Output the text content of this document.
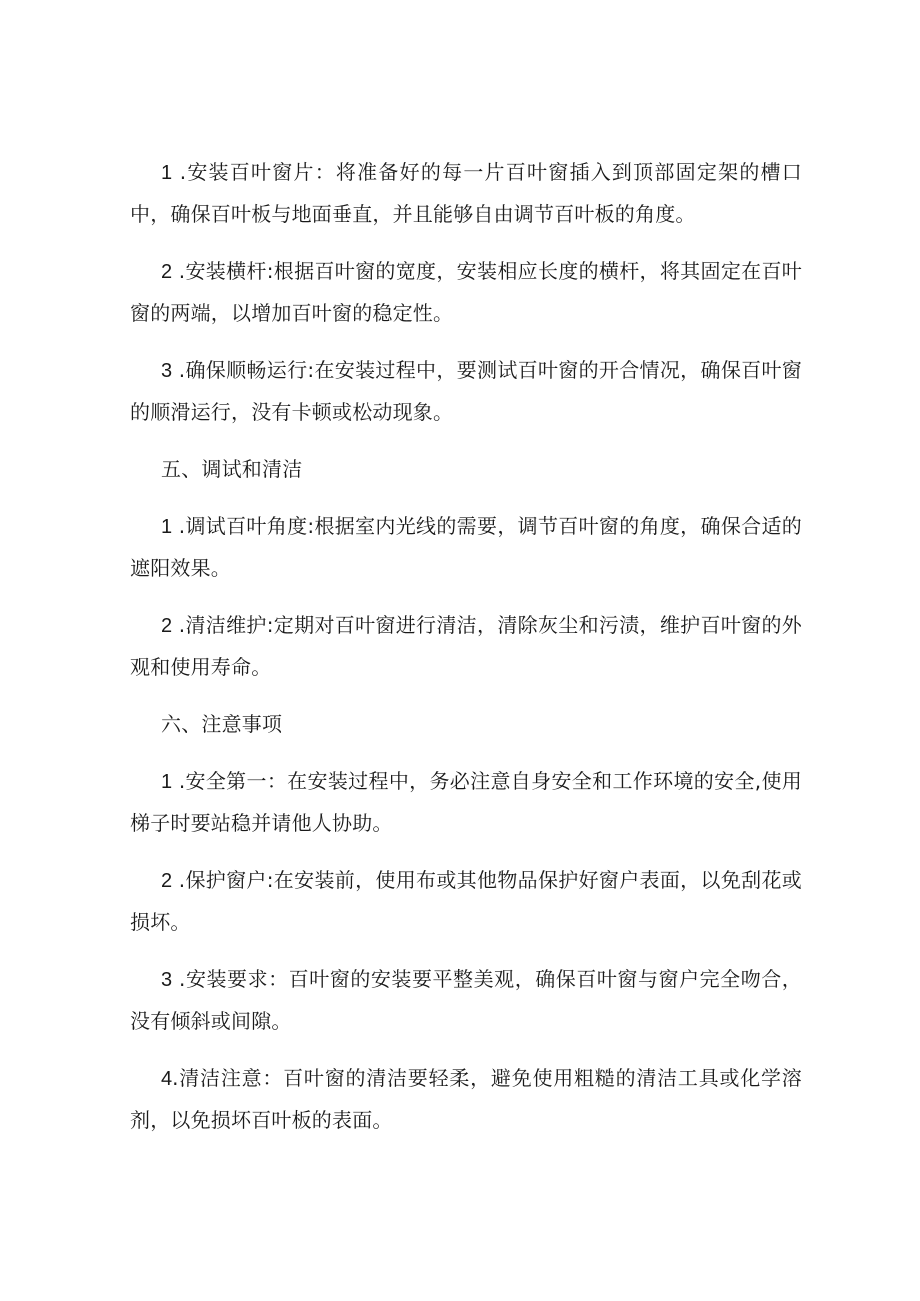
1 .安装百叶窗片：将准备好的每一片百叶窗插入到顶部固定架的槽口中，确保百叶板与地面垂直，并且能够自由调节百叶板的角度。

2 .安装横杆:根据百叶窗的宽度，安装相应长度的横杆，将其固定在百叶窗的两端，以增加百叶窗的稳定性。

3 .确保顺畅运行:在安装过程中，要测试百叶窗的开合情况，确保百叶窗的顺滑运行，没有卡顿或松动现象。

五、调试和清洁

1 .调试百叶角度:根据室内光线的需要，调节百叶窗的角度，确保合适的遮阳效果。

2 .清洁维护:定期对百叶窗进行清洁，清除灰尘和污渍，维护百叶窗的外观和使用寿命。

六、注意事项

1 .安全第一：在安装过程中，务必注意自身安全和工作环境的安全,使用梯子时要站稳并请他人协助。

2 .保护窗户:在安装前，使用布或其他物品保护好窗户表面，以免刮花或损坏。

3 .安装要求：百叶窗的安装要平整美观，确保百叶窗与窗户完全吻合，没有倾斜或间隙。

4.清洁注意：百叶窗的清洁要轻柔，避免使用粗糙的清洁工具或化学溶剂，以免损坏百叶板的表面。
